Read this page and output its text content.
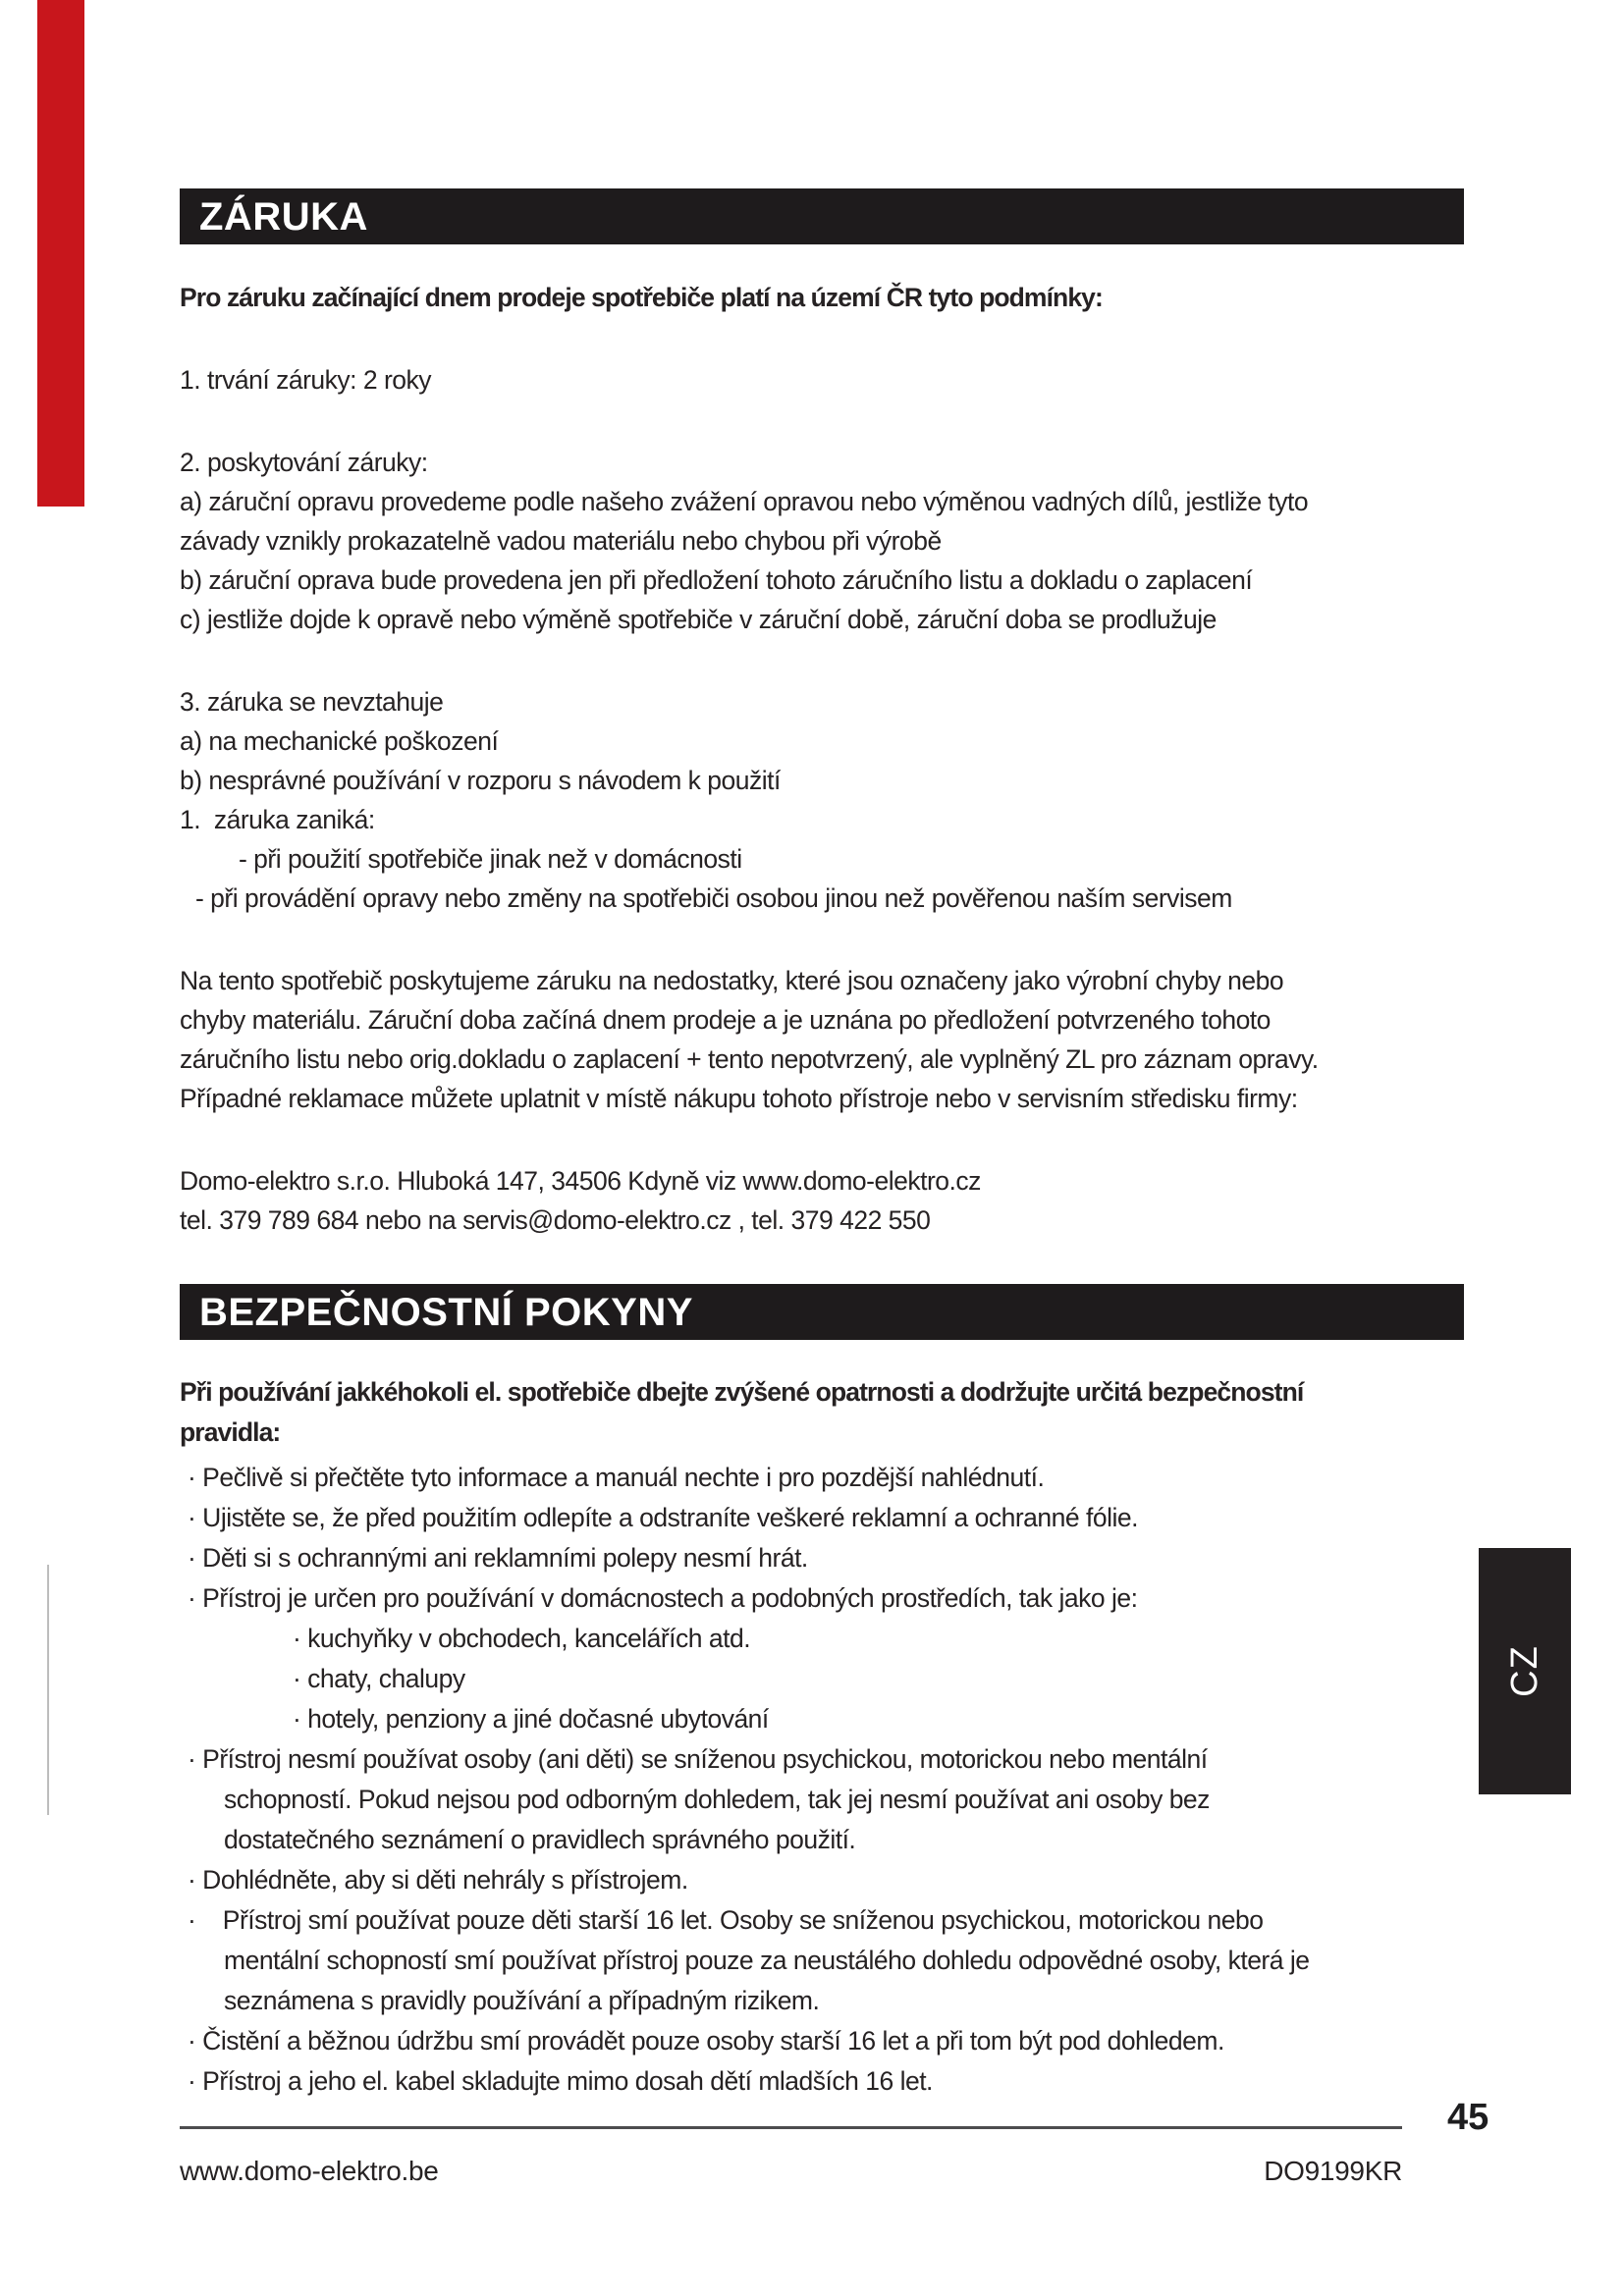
ZÁRUKA
Pro záruku začínající dnem prodeje spotřebiče platí na území ČR tyto podmínky:
1. trvání záruky: 2 roky
2. poskytování záruky:
a) záruční opravu provedeme podle našeho zvážení opravou nebo výměnou vadných dílů, jestliže tyto
závady vznikly prokazatelně vadou materiálu nebo chybou při výrobě
b) záruční oprava bude provedena jen při předložení tohoto záručního listu a dokladu o zaplacení
c) jestliže dojde k opravě nebo výměně spotřebiče v záruční době, záruční doba se prodlužuje
3. záruka se nevztahuje
a) na mechanické poškození
b) nesprávné používání v rozporu s návodem k použití
1.  záruka zaniká:
- při použití spotřebiče jinak než v domácnosti
- při provádění opravy nebo změny na spotřebiči osobou jinou než pověřenou naším servisem
Na tento spotřebič poskytujeme záruku na nedostatky, které jsou označeny jako výrobní chyby nebo
chyby materiálu. Záruční doba začíná dnem prodeje a je uznána po předložení potvrzeného tohoto
záručního listu nebo orig.dokladu o zaplacení + tento nepotvrzený, ale vyplněný ZL pro záznam opravy.
Případné reklamace můžete uplatnit v místě nákupu tohoto přístroje nebo v servisním středisku firmy:
Domo-elektro s.r.o. Hluboká 147, 34506 Kdyně viz www.domo-elektro.cz
tel. 379 789 684 nebo na servis@domo-elektro.cz , tel. 379 422 550
BEZPEČNOSTNÍ POKYNY
Při používání jakkéhokoli el. spotřebiče dbejte zvýšené opatrnosti a dodržujte určitá bezpečnostní
pravidla:
· Pečlivě si přečtěte tyto informace a manuál nechte i pro pozdější nahlédnutí.
· Ujistěte se, že před použitím odlepíte a odstraníte veškeré reklamní a ochranné fólie.
· Děti si s ochrannými ani reklamními polepy nesmí hrát.
· Přístroj je určen pro používání v domácnostech a podobných prostředích, tak jako je:
· kuchyňky v obchodech, kancelářích atd.
· chaty, chalupy
· hotely, penziony a jiné dočasné ubytování
· Přístroj nesmí používat osoby (ani děti) se sníženou psychickou, motorickou nebo mentální
schopností. Pokud nejsou pod odborným dohledem, tak jej nesmí používat ani osoby bez
dostatečného seznámení o pravidlech správného použití.
· Dohlédněte, aby si děti nehrály s přístrojem.
·    Přístroj smí používat pouze děti starší 16 let. Osoby se sníženou psychickou, motorickou nebo
mentální schopností smí používat přístroj pouze za neustálého dohledu odpovědné osoby, která je
seznámena s pravidly používání a případným rizikem.
· Čistění a běžnou údržbu smí provádět pouze osoby starší 16 let a při tom být pod dohledem.
· Přístroj a jeho el. kabel skladujte mimo dosah dětí mladších 16 let.
CZ
45
www.domo-elektro.be	DO9199KR
